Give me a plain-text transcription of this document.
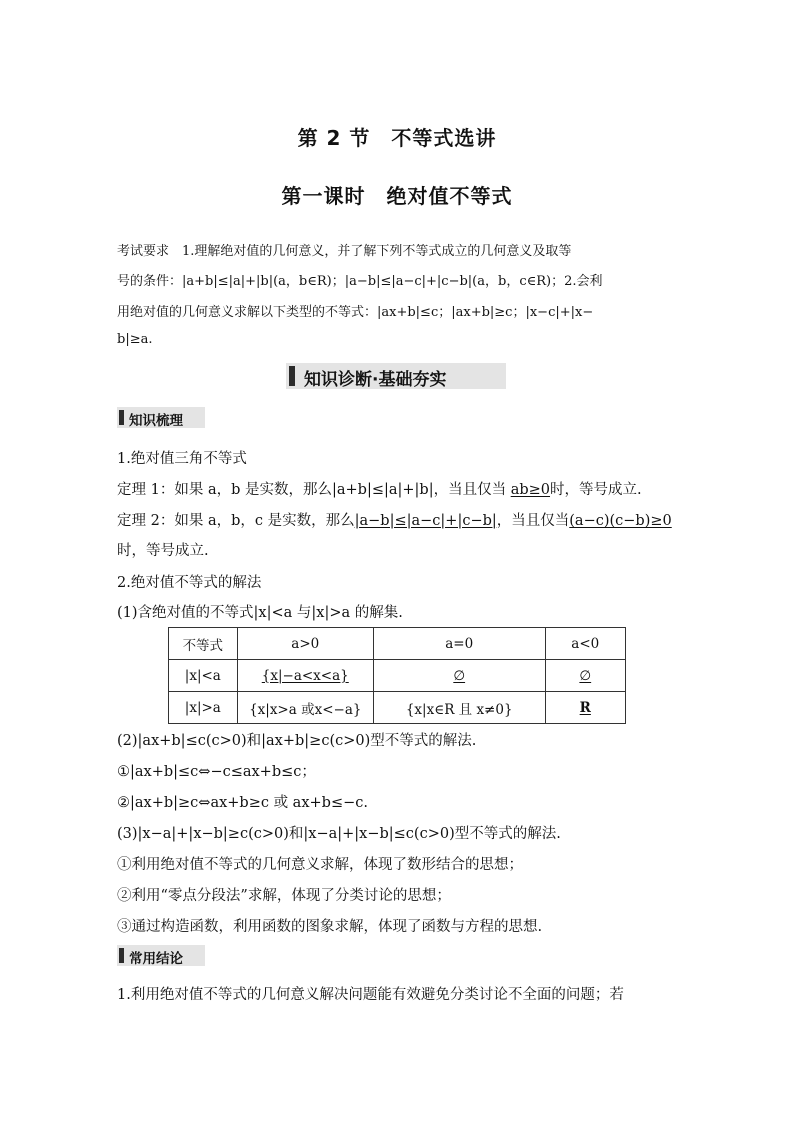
第 2 节　不等式选讲
第一课时　绝对值不等式
考试要求　1.理解绝对值的几何意义，并了解下列不等式成立的几何意义及取等
号的条件：|a+b|≤|a|+|b|(a，b∈R)；|a−b|≤|a−c|+|c−b|(a，b，c∈R)；2.会利
用绝对值的几何意义求解以下类型的不等式：|ax+b|≤c；|ax+b|≥c；|x−c|+|x−
b|≥a.
知识诊断·基础夯实
知识梳理
1.绝对值三角不等式
定理 1：如果 a，b 是实数，那么|a+b|≤|a|+|b|，当且仅当 ab≥0时，等号成立.
定理 2：如果 a，b，c 是实数，那么|a−b|≤|a−c|+|c−b|，当且仅当(a−c)(c−b)≥0
时，等号成立.
2.绝对值不等式的解法
(1)含绝对值的不等式|x|<a 与|x|>a 的解集.
不等式	a>0	a=0	a<0
|x|<a	{x|−a<x<a}	∅	∅
|x|>a	{x|x>a 或x<−a}	{x|x∈R 且 x≠0}	R
(2)|ax+b|≤c(c>0)和|ax+b|≥c(c>0)型不等式的解法.
①|ax+b|≤c⇔−c≤ax+b≤c；
②|ax+b|≥c⇔ax+b≥c 或 ax+b≤−c.
(3)|x−a|+|x−b|≥c(c>0)和|x−a|+|x−b|≤c(c>0)型不等式的解法.
①利用绝对值不等式的几何意义求解，体现了数形结合的思想；
②利用“零点分段法”求解，体现了分类讨论的思想；
③通过构造函数，利用函数的图象求解，体现了函数与方程的思想.
常用结论
1.利用绝对值不等式的几何意义解决问题能有效避免分类讨论不全面的问题；若
